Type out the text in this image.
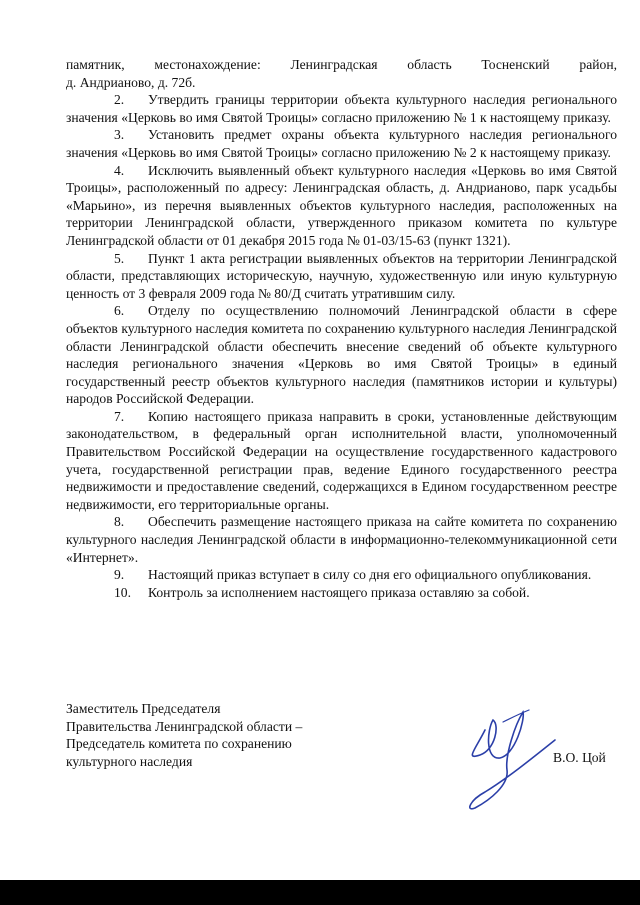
памятник, местонахождение: Ленинградская область Тосненский район,

д. Андрианово, д. 72б.

2. Утвердить границы территории объекта культурного наследия регионального значения «Церковь во имя Святой Троицы» согласно приложению № 1 к настоящему приказу.

3. Установить предмет охраны объекта культурного наследия регионального значения «Церковь во имя Святой Троицы» согласно приложению № 2 к настоящему приказу.

4. Исключить выявленный объект культурного наследия «Церковь во имя Святой Троицы», расположенный по адресу: Ленинградская область, д. Андрианово, парк усадьбы «Марьино», из перечня выявленных объектов культурного наследия, расположенных на территории Ленинградской области, утвержденного приказом комитета по культуре Ленинградской области от 01 декабря 2015 года № 01-03/15-63 (пункт 1321).

5. Пункт 1 акта регистрации выявленных объектов на территории Ленинградской области, представляющих историческую, научную, художественную или иную культурную ценность от 3 февраля 2009 года № 80/Д считать утратившим силу.

6. Отделу по осуществлению полномочий Ленинградской области в сфере объектов культурного наследия комитета по сохранению культурного наследия Ленинградской области Ленинградской области обеспечить внесение сведений об объекте культурного наследия регионального значения «Церковь во имя Святой Троицы» в единый государственный реестр объектов культурного наследия (памятников истории и культуры) народов Российской Федерации.

7. Копию настоящего приказа направить в сроки, установленные действующим законодательством, в федеральный орган исполнительной власти, уполномоченный Правительством Российской Федерации на осуществление государственного кадастрового учета, государственной регистрации прав, ведение Единого государственного реестра недвижимости и предоставление сведений, содержащихся в Едином государственном реестре недвижимости, его территориальные органы.

8. Обеспечить размещение настоящего приказа на сайте комитета по сохранению культурного наследия Ленинградской области в информационно-телекоммуникационной сети «Интернет».

9. Настоящий приказ вступает в силу со дня его официального опубликования.

10. Контроль за исполнением настоящего приказа оставляю за собой.

Заместитель Председателя
Правительства Ленинградской области –
Председатель комитета по сохранению
культурного наследия	В.О. Цой
